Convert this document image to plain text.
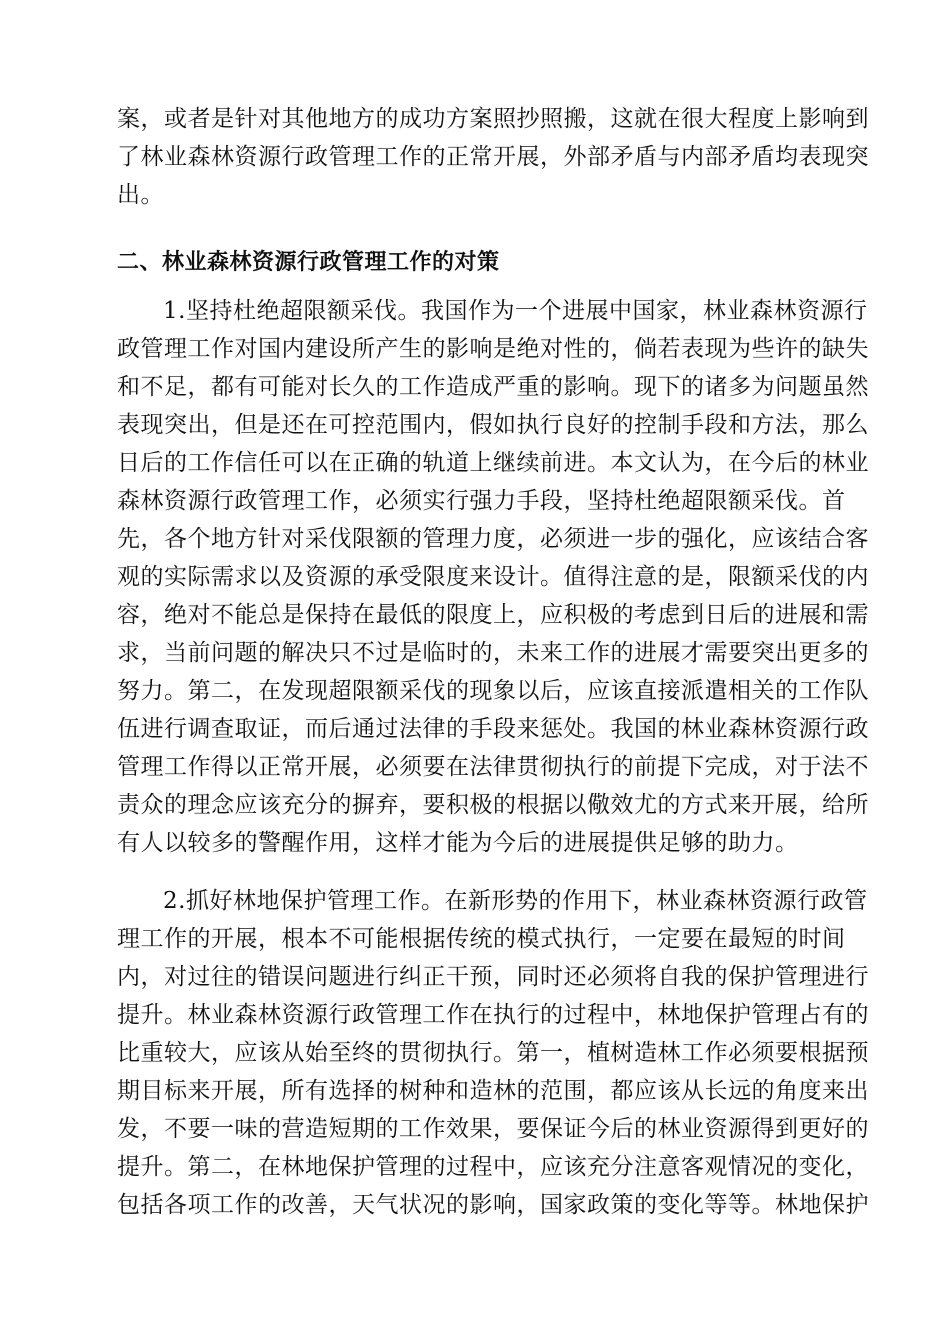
案，或者是针对其他地方的成功方案照抄照搬，这就在很大程度上影响到
了林业森林资源行政管理工作的正常开展，外部矛盾与内部矛盾均表现突
出。
二、林业森林资源行政管理工作的对策
1.坚持杜绝超限额采伐。我国作为一个进展中国家，林业森林资源行
政管理工作对国内建设所产生的影响是绝对性的，倘若表现为些许的缺失
和不足，都有可能对长久的工作造成严重的影响。现下的诸多为问题虽然
表现突出，但是还在可控范围内，假如执行良好的控制手段和方法，那么
日后的工作信任可以在正确的轨道上继续前进。本文认为，在今后的林业
森林资源行政管理工作，必须实行强力手段，坚持杜绝超限额采伐。首
先，各个地方针对采伐限额的管理力度，必须进一步的强化，应该结合客
观的实际需求以及资源的承受限度来设计。值得注意的是，限额采伐的内
容，绝对不能总是保持在最低的限度上，应积极的考虑到日后的进展和需
求，当前问题的解决只不过是临时的，未来工作的进展才需要突出更多的
努力。第二，在发现超限额采伐的现象以后，应该直接派遣相关的工作队
伍进行调查取证，而后通过法律的手段来惩处。我国的林业森林资源行政
管理工作得以正常开展，必须要在法律贯彻执行的前提下完成，对于法不
责众的理念应该充分的摒弃，要积极的根据以儆效尤的方式来开展，给所
有人以较多的警醒作用，这样才能为今后的进展提供足够的助力。
2.抓好林地保护管理工作。在新形势的作用下，林业森林资源行政管
理工作的开展，根本不可能根据传统的模式执行，一定要在最短的时间
内，对过往的错误问题进行纠正干预，同时还必须将自我的保护管理进行
提升。林业森林资源行政管理工作在执行的过程中，林地保护管理占有的
比重较大，应该从始至终的贯彻执行。第一，植树造林工作必须要根据预
期目标来开展，所有选择的树种和造林的范围，都应该从长远的角度来出
发，不要一味的营造短期的工作效果，要保证今后的林业资源得到更好的
提升。第二，在林地保护管理的过程中，应该充分注意客观情况的变化，
包括各项工作的改善，天气状况的影响，国家政策的变化等等。林地保护
